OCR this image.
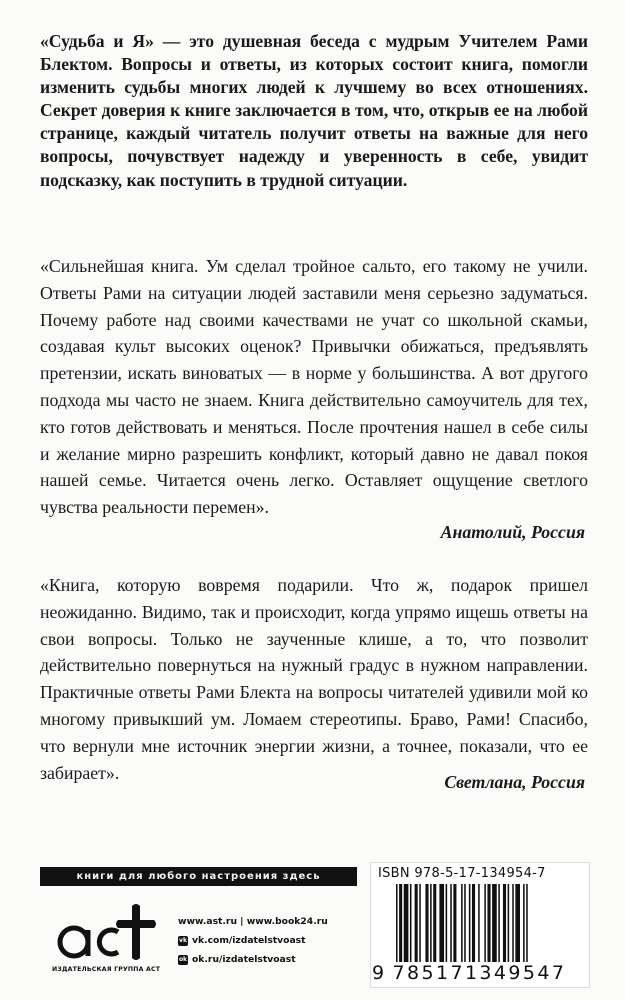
«Судьба и Я» — это душевная беседа с мудрым Учителем Рами Блектом. Вопросы и ответы, из которых состоит книга, помогли изменить судьбы многих людей к лучшему во всех отношениях. Секрет доверия к книге заключается в том, что, открыв ее на любой странице, каждый читатель получит ответы на важные для него вопросы, почувствует надежду и уверенность в себе, увидит подсказку, как поступить в трудной ситуации.

«Сильнейшая книга. Ум сделал тройное сальто, его такому не учили. Ответы Рами на ситуации людей заставили меня серьезно задуматься. Почему работе над своими качествами не учат со школьной скамьи, создавая культ высоких оценок? Привычки обижаться, предъявлять претензии, искать виноватых — в норме у большинства. А вот другого подхода мы часто не знаем. Книга действительно самоучитель для тех, кто готов действовать и меняться. После прочтения нашел в себе силы и желание мирно разрешить конфликт, который давно не давал покоя нашей семье. Читается очень легко. Оставляет ощущение светлого чувства реальности перемен».

Анатолий, Россия

«Книга, которую вовремя подарили. Что ж, подарок пришел неожиданно. Видимо, так и происходит, когда упрямо ищешь ответы на свои вопросы. Только не заученные клише, а то, что позволит действительно повернуться на нужный градус в нужном направлении. Практичные ответы Рами Блекта на вопросы читателей удивили мой ко многому привыкший ум. Ломаем стереотипы. Браво, Рами! Спасибо, что вернули мне источник энергии жизни, а точнее, показали, что ее забирает».	Светлана, Россия
книги для любого настроения здесь
ИЗДАТЕЛЬСКАЯ ГРУППА АСТ
www.ast.ru | www.book24.ru
vk vk.com/izdatelstvoast
ok ok.ru/izdatelstvoast
ISBN 978-5-17-134954-7
9 785171349547
